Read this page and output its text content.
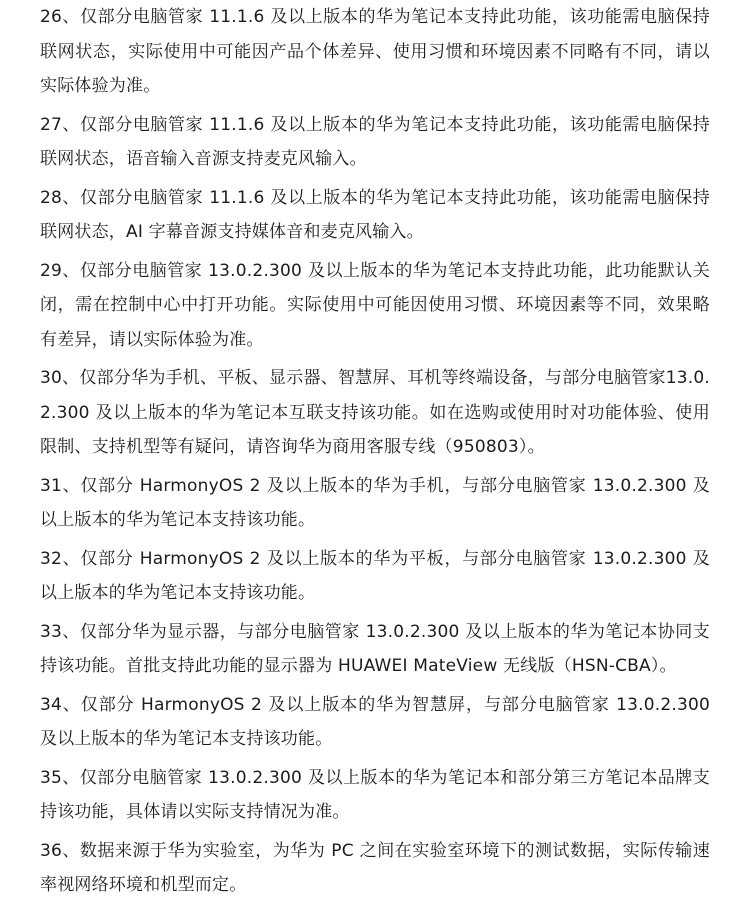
26、仅部分电脑管家 11.1.6 及以上版本的华为笔记本支持此功能，该功能需电脑保持联网状态，实际使用中可能因产品个体差异、使用习惯和环境因素不同略有不同，请以实际体验为准。
27、仅部分电脑管家 11.1.6 及以上版本的华为笔记本支持此功能，该功能需电脑保持联网状态，语音输入音源支持麦克风输入。
28、仅部分电脑管家 11.1.6 及以上版本的华为笔记本支持此功能，该功能需电脑保持联网状态，AI 字幕音源支持媒体音和麦克风输入。
29、仅部分电脑管家 13.0.2.300 及以上版本的华为笔记本支持此功能，此功能默认关闭，需在控制中心中打开功能。实际使用中可能因使用习惯、环境因素等不同，效果略有差异，请以实际体验为准。
30、仅部分华为手机、平板、显示器、智慧屏、耳机等终端设备，与部分电脑管家13.0.2.300 及以上版本的华为笔记本互联支持该功能。如在选购或使用时对功能体验、使用限制、支持机型等有疑问，请咨询华为商用客服专线（950803）。
31、仅部分 HarmonyOS 2 及以上版本的华为手机，与部分电脑管家 13.0.2.300 及以上版本的华为笔记本支持该功能。
32、仅部分 HarmonyOS 2 及以上版本的华为平板，与部分电脑管家 13.0.2.300 及以上版本的华为笔记本支持该功能。
33、仅部分华为显示器，与部分电脑管家 13.0.2.300 及以上版本的华为笔记本协同支持该功能。首批支持此功能的显示器为 HUAWEI MateView 无线版（HSN-CBA）。
34、仅部分 HarmonyOS 2 及以上版本的华为智慧屏，与部分电脑管家 13.0.2.300 及以上版本的华为笔记本支持该功能。
35、仅部分电脑管家 13.0.2.300 及以上版本的华为笔记本和部分第三方笔记本品牌支持该功能，具体请以实际支持情况为准。
36、数据来源于华为实验室，为华为 PC 之间在实验室环境下的测试数据，实际传输速率视网络环境和机型而定。
